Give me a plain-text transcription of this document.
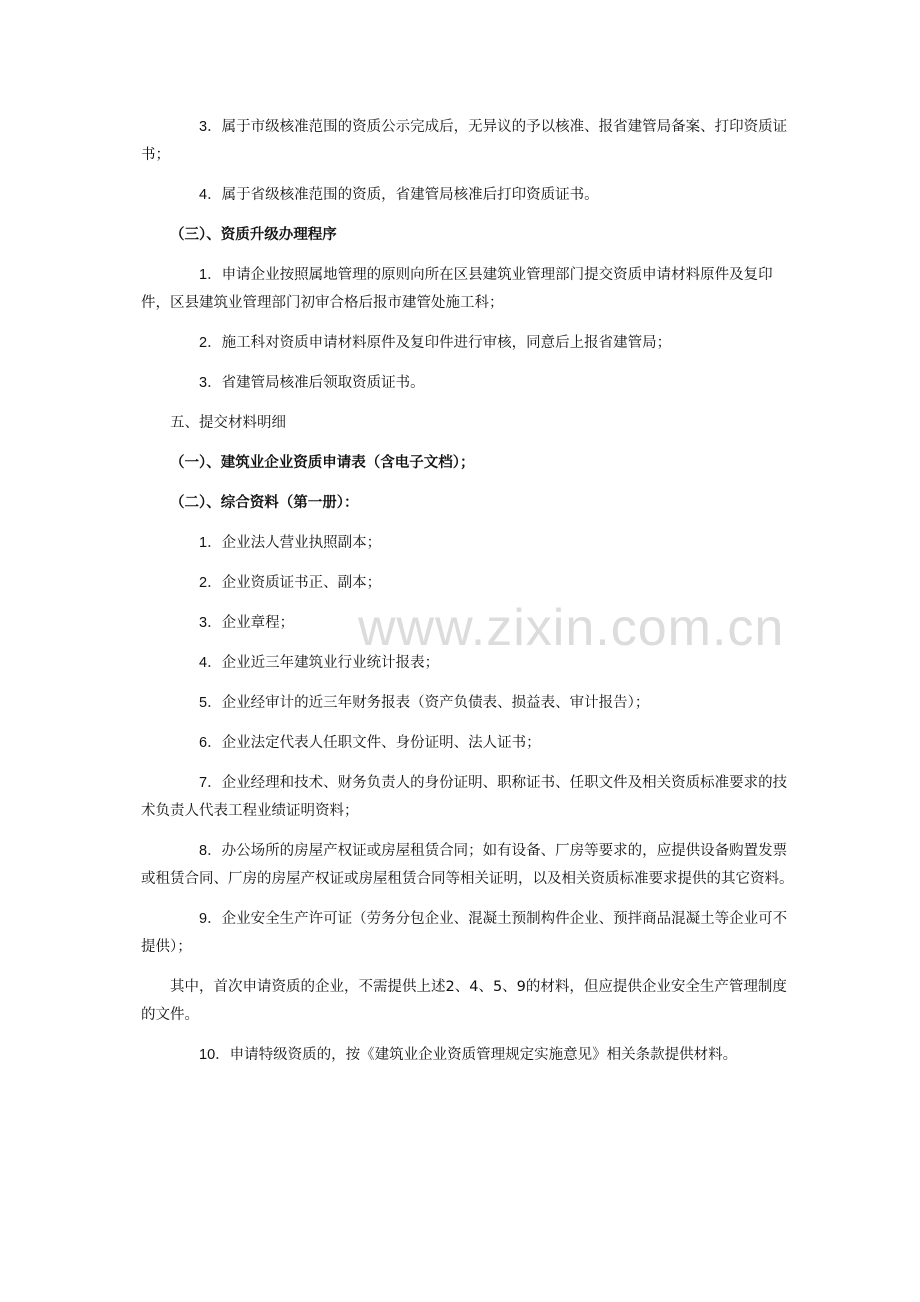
3．属于市级核准范围的资质公示完成后，无异议的予以核准、报省建管局备案、打印资质证书；

4．属于省级核准范围的资质，省建管局核准后打印资质证书。

（三）、资质升级办理程序

1．申请企业按照属地管理的原则向所在区县建筑业管理部门提交资质申请材料原件及复印件，区县建筑业管理部门初审合格后报市建管处施工科；

2．施工科对资质申请材料原件及复印件进行审核，同意后上报省建管局；

3．省建管局核准后领取资质证书。

五、提交材料明细

（一）、建筑业企业资质申请表（含电子文档）；

（二）、综合资料（第一册）：

1．企业法人营业执照副本；

2．企业资质证书正、副本；

3．企业章程；

4．企业近三年建筑业行业统计报表；

5．企业经审计的近三年财务报表（资产负债表、损益表、审计报告）；

6．企业法定代表人任职文件、身份证明、法人证书；

7．企业经理和技术、财务负责人的身份证明、职称证书、任职文件及相关资质标准要求的技术负责人代表工程业绩证明资料；

8．办公场所的房屋产权证或房屋租赁合同；如有设备、厂房等要求的，应提供设备购置发票或租赁合同、厂房的房屋产权证或房屋租赁合同等相关证明，以及相关资质标准要求提供的其它资料。

9．企业安全生产许可证（劳务分包企业、混凝土预制构件企业、预拌商品混凝土等企业可不提供）；

其中，首次申请资质的企业，不需提供上述2、4、5、9的材料，但应提供企业安全生产管理制度的文件。

10．申请特级资质的，按《建筑业企业资质管理规定实施意见》相关条款提供材料。

www.zixin.com.cn
